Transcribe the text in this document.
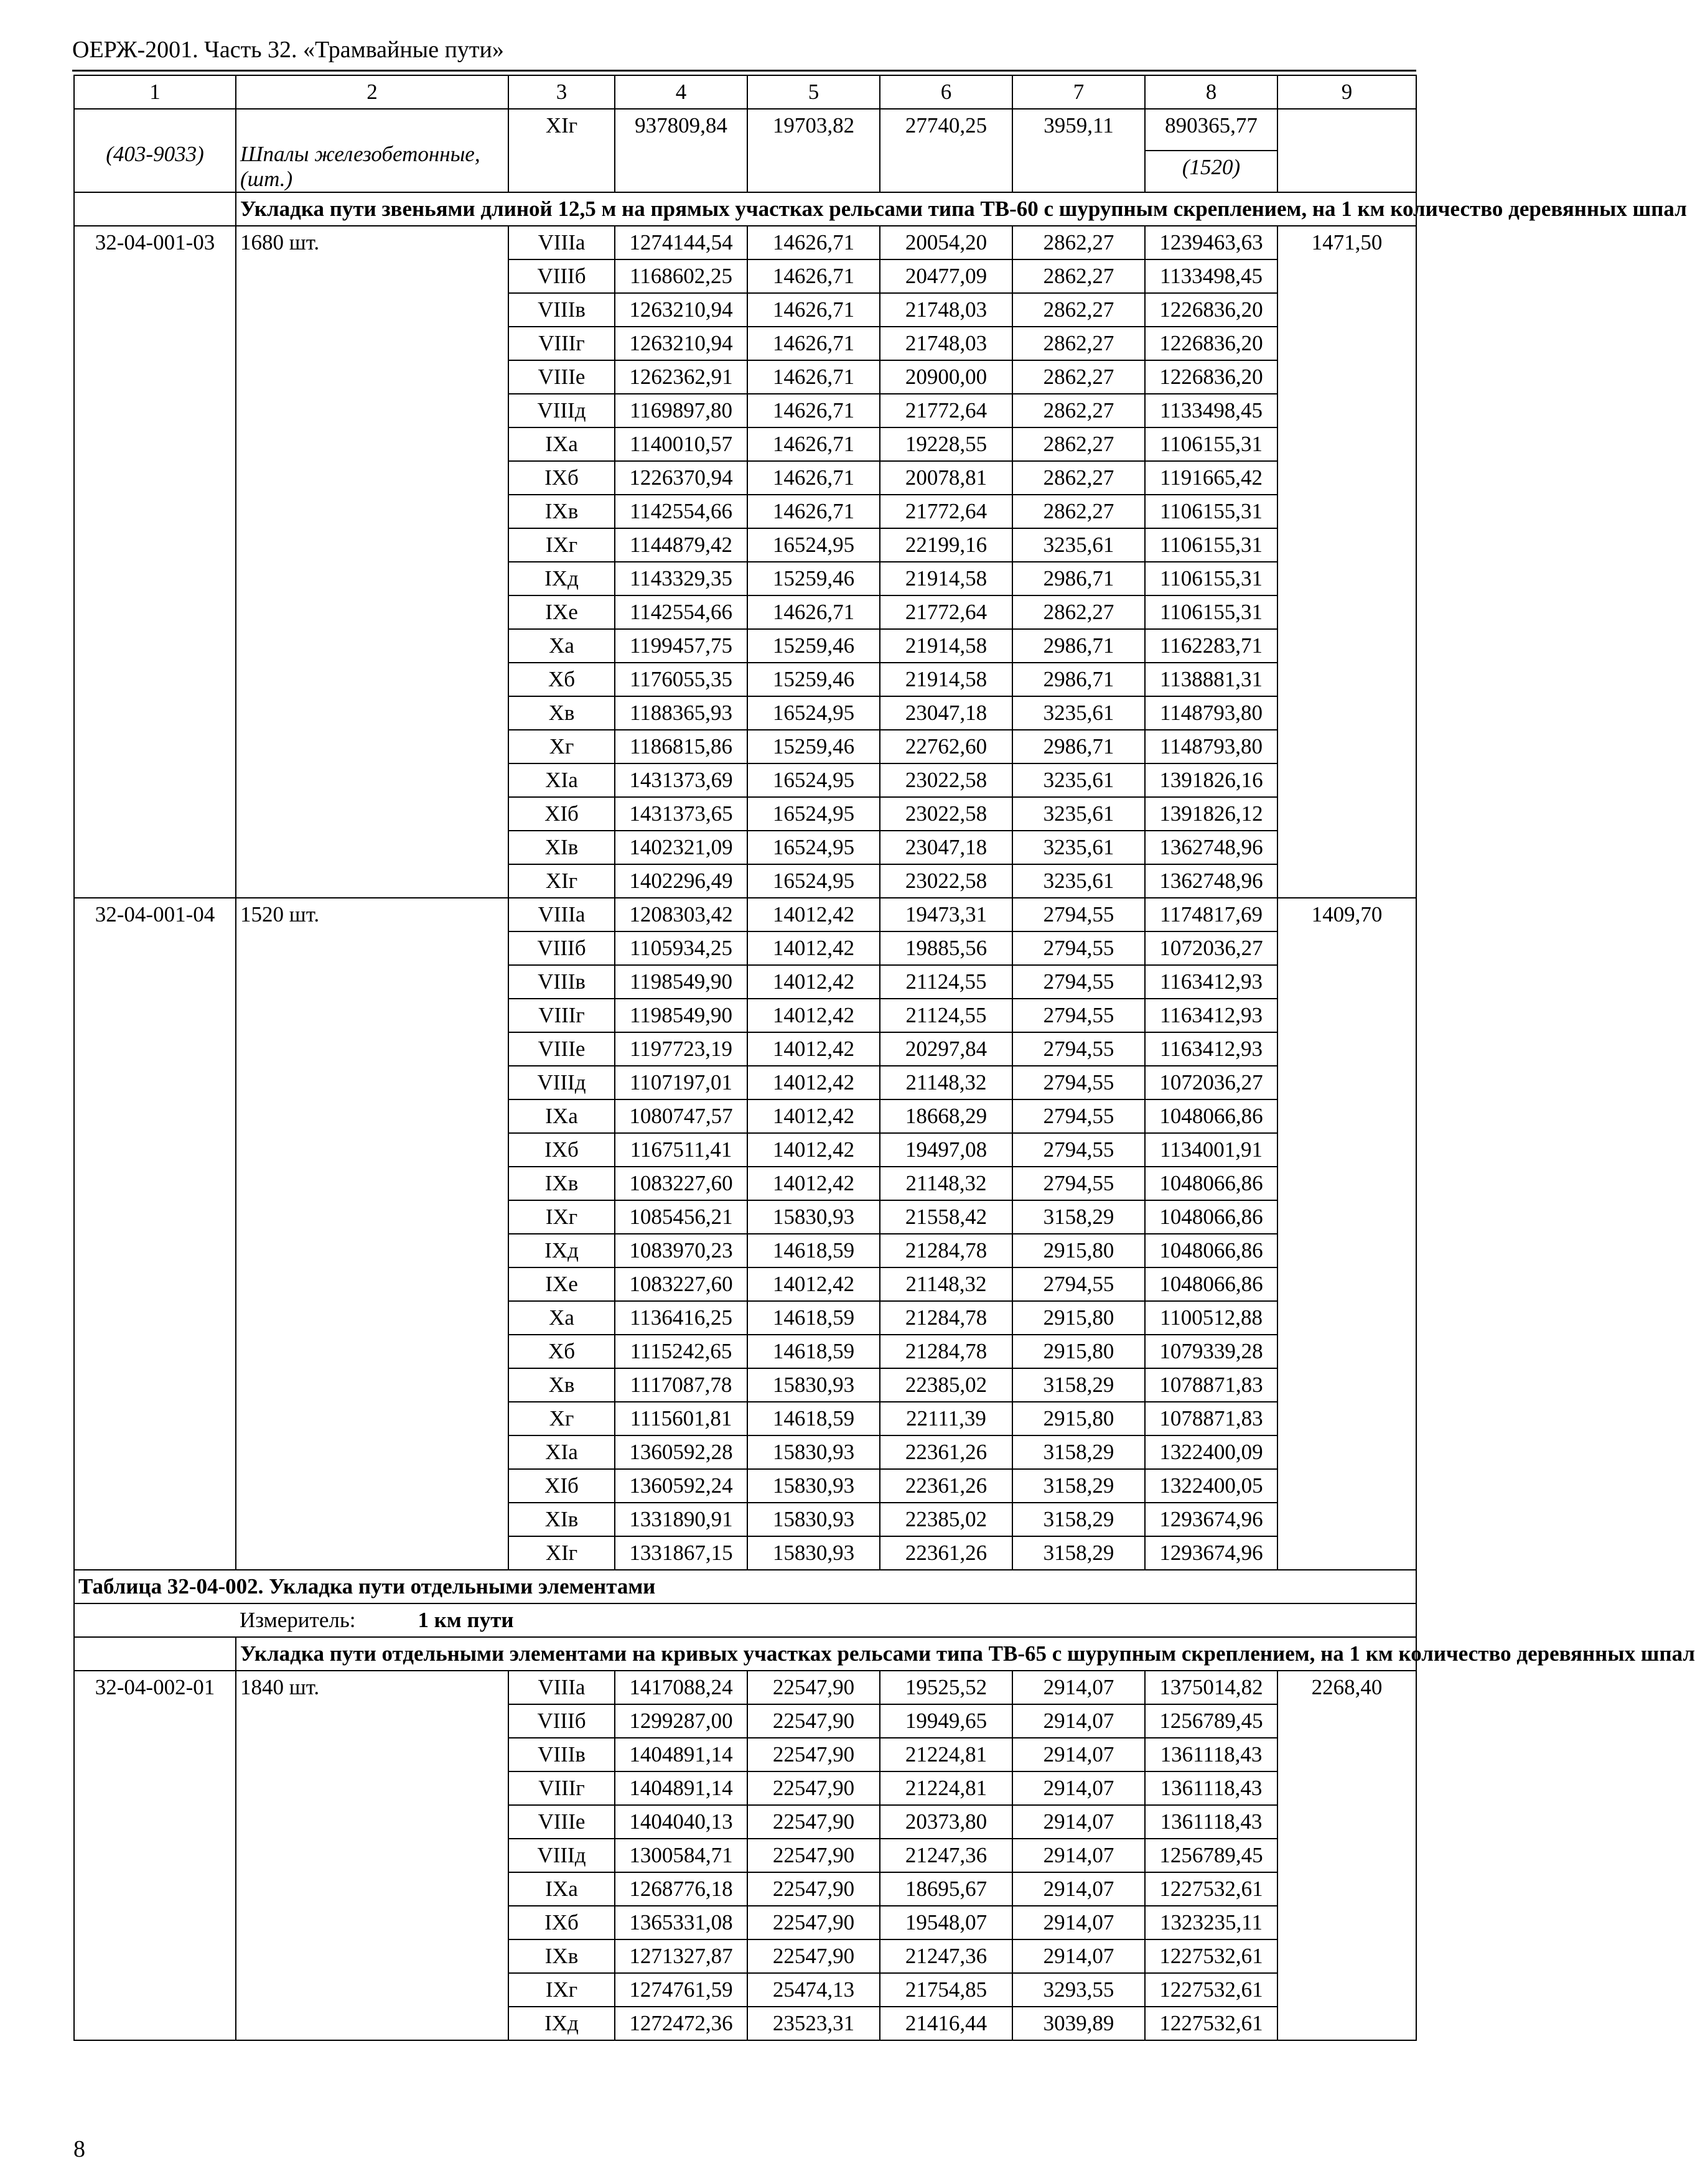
ОЕРЖ-2001. Часть 32. «Трамвайные пути»
1	2	3	4	5	6	7	8	9
(403-9033)	Шпалы железобетонные, (шт.)	XIг	937809,84	19703,82	27740,25	3959,11	890365,77	
							(1520)	
	Укладка пути звеньями длиной 12,5 м на прямых участках рельсами типа ТВ-60 с шурупным скреплением, на 1 км количество деревянных шпал							
32-04-001-03	1680 шт.	VIIIа	1274144,54	14626,71	20054,20	2862,27	1239463,63	1471,50
		VIIIб	1168602,25	14626,71	20477,09	2862,27	1133498,45	
		VIIIв	1263210,94	14626,71	21748,03	2862,27	1226836,20	
		VIIIг	1263210,94	14626,71	21748,03	2862,27	1226836,20	
		VIIIе	1262362,91	14626,71	20900,00	2862,27	1226836,20	
		VIIIд	1169897,80	14626,71	21772,64	2862,27	1133498,45	
		IXа	1140010,57	14626,71	19228,55	2862,27	1106155,31	
		IXб	1226370,94	14626,71	20078,81	2862,27	1191665,42	
		IXв	1142554,66	14626,71	21772,64	2862,27	1106155,31	
		IXг	1144879,42	16524,95	22199,16	3235,61	1106155,31	
		IXд	1143329,35	15259,46	21914,58	2986,71	1106155,31	
		IXе	1142554,66	14626,71	21772,64	2862,27	1106155,31	
		Xа	1199457,75	15259,46	21914,58	2986,71	1162283,71	
		Xб	1176055,35	15259,46	21914,58	2986,71	1138881,31	
		Xв	1188365,93	16524,95	23047,18	3235,61	1148793,80	
		Xг	1186815,86	15259,46	22762,60	2986,71	1148793,80	
		XIа	1431373,69	16524,95	23022,58	3235,61	1391826,16	
		XIб	1431373,65	16524,95	23022,58	3235,61	1391826,12	
		XIв	1402321,09	16524,95	23047,18	3235,61	1362748,96	
		XIг	1402296,49	16524,95	23022,58	3235,61	1362748,96	
32-04-001-04	1520 шт.	VIIIа	1208303,42	14012,42	19473,31	2794,55	1174817,69	1409,70
		VIIIб	1105934,25	14012,42	19885,56	2794,55	1072036,27	
		VIIIв	1198549,90	14012,42	21124,55	2794,55	1163412,93	
		VIIIг	1198549,90	14012,42	21124,55	2794,55	1163412,93	
		VIIIе	1197723,19	14012,42	20297,84	2794,55	1163412,93	
		VIIIд	1107197,01	14012,42	21148,32	2794,55	1072036,27	
		IXа	1080747,57	14012,42	18668,29	2794,55	1048066,86	
		IXб	1167511,41	14012,42	19497,08	2794,55	1134001,91	
		IXв	1083227,60	14012,42	21148,32	2794,55	1048066,86	
		IXг	1085456,21	15830,93	21558,42	3158,29	1048066,86	
		IXд	1083970,23	14618,59	21284,78	2915,80	1048066,86	
		IXе	1083227,60	14012,42	21148,32	2794,55	1048066,86	
		Xа	1136416,25	14618,59	21284,78	2915,80	1100512,88	
		Xб	1115242,65	14618,59	21284,78	2915,80	1079339,28	
		Xв	1117087,78	15830,93	22385,02	3158,29	1078871,83	
		Xг	1115601,81	14618,59	22111,39	2915,80	1078871,83	
		XIа	1360592,28	15830,93	22361,26	3158,29	1322400,09	
		XIб	1360592,24	15830,93	22361,26	3158,29	1322400,05	
		XIв	1331890,91	15830,93	22385,02	3158,29	1293674,96	
		XIг	1331867,15	15830,93	22361,26	3158,29	1293674,96	
Таблица 32-04-002. Укладка пути отдельными элементами								
	Измеритель: 1 км пути							
	Укладка пути отдельными элементами на кривых участках рельсами типа ТВ-65 с шурупным скреплением, на 1 км количество деревянных шпал							
32-04-002-01	1840 шт.	VIIIа	1417088,24	22547,90	19525,52	2914,07	1375014,82	2268,40
		VIIIб	1299287,00	22547,90	19949,65	2914,07	1256789,45	
		VIIIв	1404891,14	22547,90	21224,81	2914,07	1361118,43	
		VIIIг	1404891,14	22547,90	21224,81	2914,07	1361118,43	
		VIIIе	1404040,13	22547,90	20373,80	2914,07	1361118,43	
		VIIIд	1300584,71	22547,90	21247,36	2914,07	1256789,45	
		IXа	1268776,18	22547,90	18695,67	2914,07	1227532,61	
		IXб	1365331,08	22547,90	19548,07	2914,07	1323235,11	
		IXв	1271327,87	22547,90	21247,36	2914,07	1227532,61	
		IXг	1274761,59	25474,13	21754,85	3293,55	1227532,61	
		IXд	1272472,36	23523,31	21416,44	3039,89	1227532,61	
8
